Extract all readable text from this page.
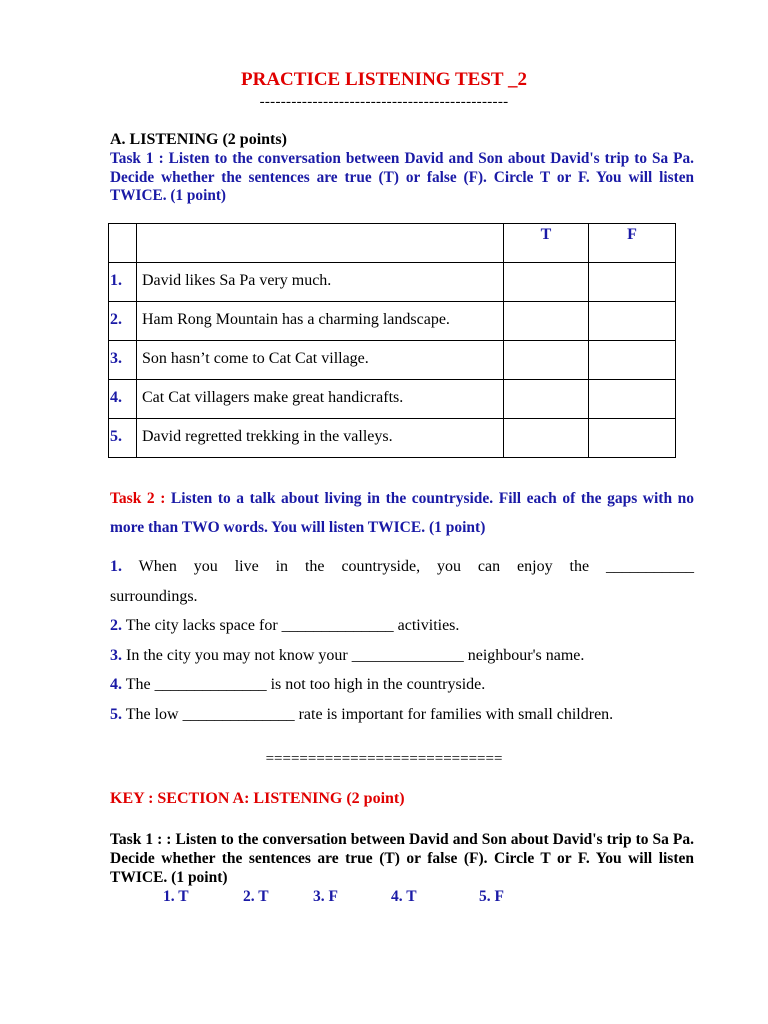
PRACTICE LISTENING TEST _2
-----------------------------------------------
A. LISTENING (2 points)
Task 1 : Listen to the conversation between David and Son about David's trip to Sa Pa. Decide whether the sentences are true (T) or false (F). Circle T or F. You will listen TWICE. (1 point)
		T	F
1.	David likes Sa Pa very much.		
2.	Ham Rong Mountain has a charming landscape.		
3.	Son hasn’t come to Cat Cat village.		
4.	Cat Cat villagers make great handicrafts.		
5.	David regretted trekking in the valleys.		
Task 2 : Listen to a talk about living in the countryside. Fill each of the gaps with no more than TWO words. You will listen TWICE. (1 point)
1. When you live in the countryside, you can enjoy the ___________
surroundings.
2. The city lacks space for ______________ activities.
3. In the city you may not know your ______________ neighbour's name.
4. The ______________ is not too high in the countryside.
5. The low ______________ rate is important for families with small children.
============================
KEY : SECTION A: LISTENING (2 point)
Task 1 : : Listen to the conversation between David and Son about David's trip to Sa Pa. Decide whether the sentences are true (T) or false (F). Circle T or F. You will listen TWICE. (1 point)
1. T	2. T	3. F	4. T	5. F
